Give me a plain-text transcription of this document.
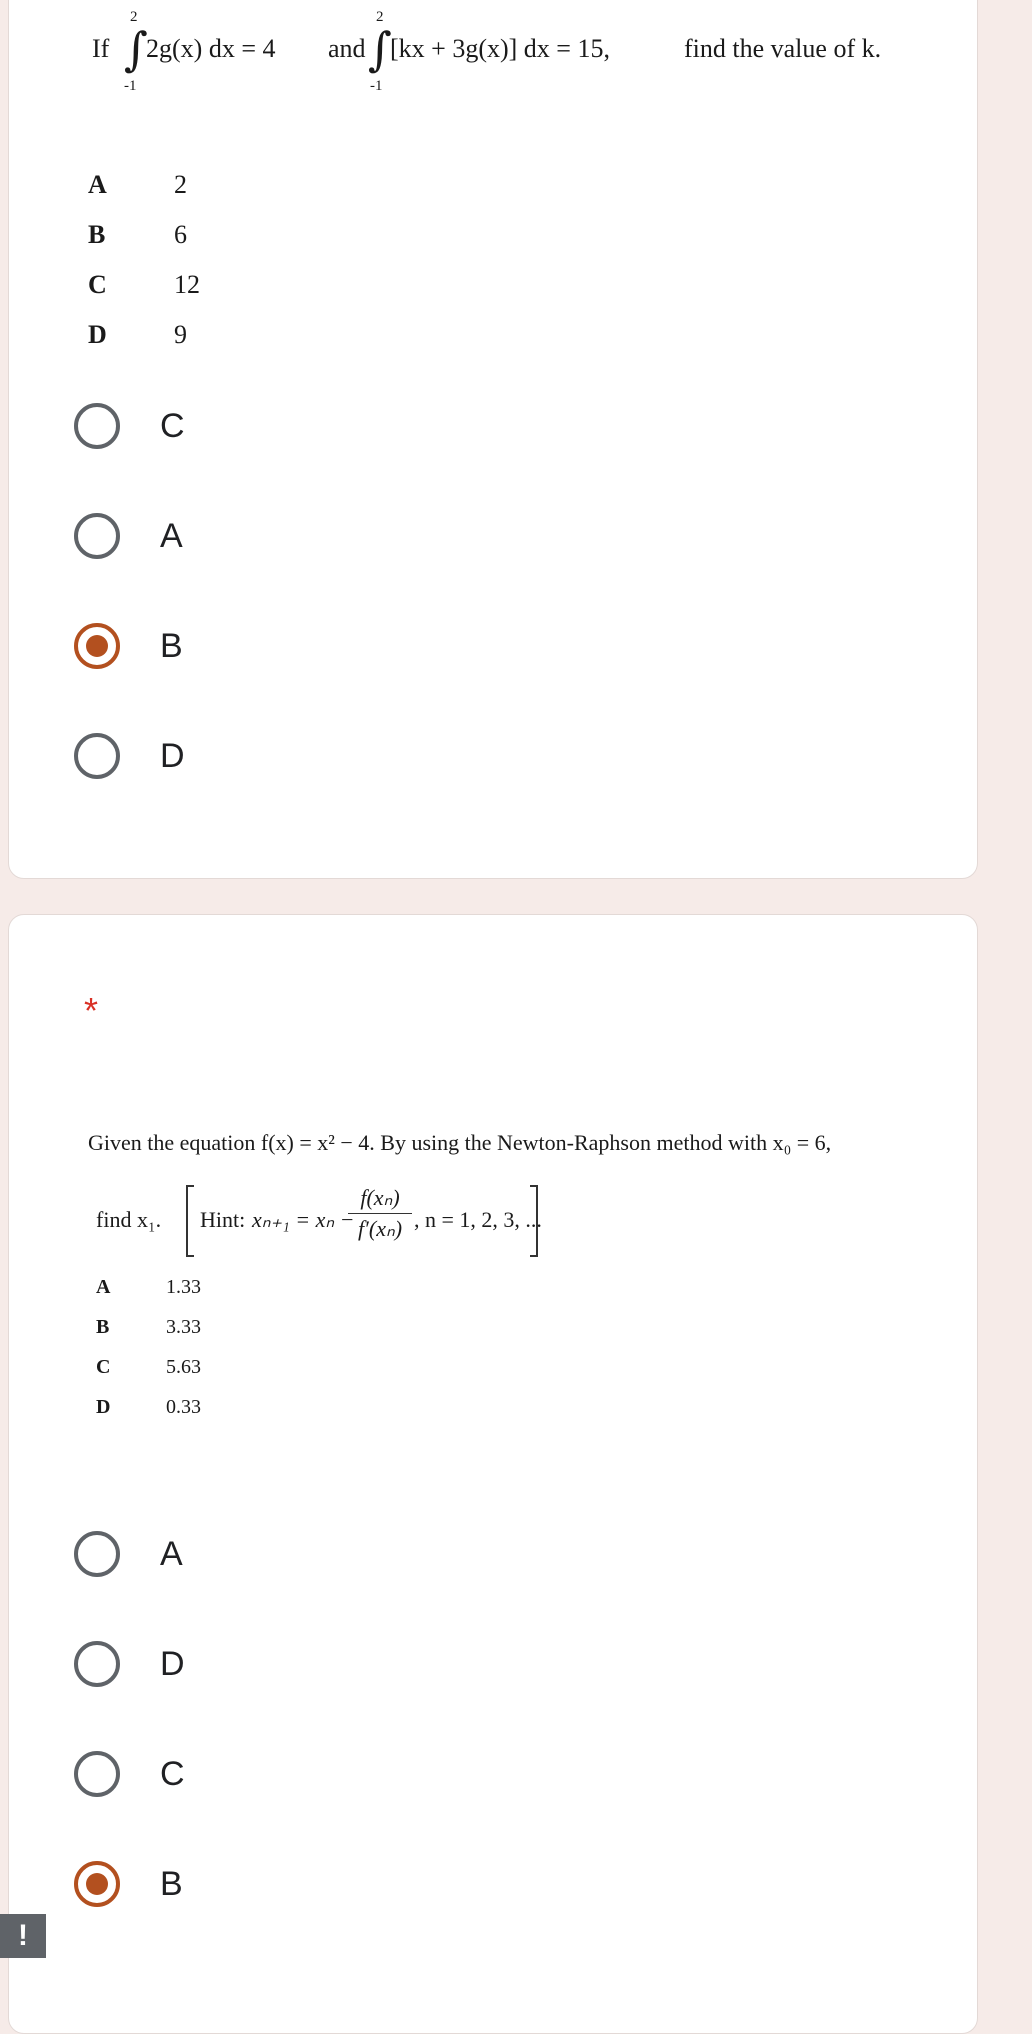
If ∫
2
-1
2g(x) dx = 4 and ∫
2
-1
[kx + 3g(x)] dx = 15,	find the value of k.
A	2
B	6
C	12
D	9
C
A
B
D
*
Given the equation f(x) = x² − 4. By using the Newton-Raphson method with x₀ = 6,
find x₁. Hint: xₙ₊₁ = xₙ −
$\frac{\text{f(xₙ)}}{\text{f′(xₙ)}}$ , n = 1, 2, 3, ...
A	1.33
B	3.33
C	5.63
D	0.33
A
D
C
B
!
